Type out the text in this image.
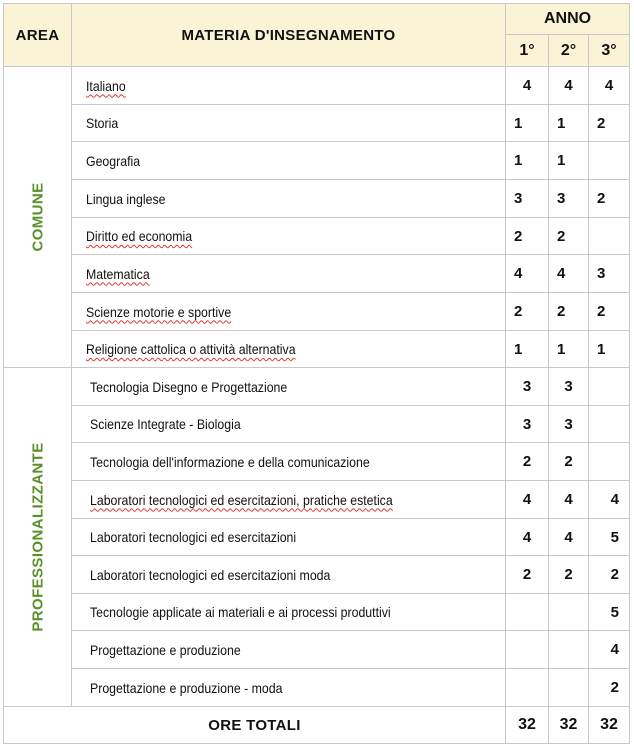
AREA	MATERIA D'INSEGNAMENTO	ANNO		
		1°	2°	3°

COMUNE	Italiano	4	4	4
	Storia	1	1	2
	Geografia	1	1	
	Lingua inglese	3	3	2
	Diritto ed economia	2	2	
	Matematica	4	4	3
	Scienze motorie e sportive	2	2	2
	Religione cattolica o attività alternativa	1	1	1

PROFESSIONALIZZANTE	Tecnologia Disegno e Progettazione	3	3	
	Scienze Integrate - Biologia	3	3	
	Tecnologia dell'informazione e della comunicazione	2	2	
	Laboratori tecnologici ed esercitazioni, pratiche estetica	4	4	4
	Laboratori tecnologici ed esercitazioni	4	4	5
	Laboratori tecnologici ed esercitazioni moda	2	2	2
	Tecnologie applicate ai materiali e ai processi produttivi			5
	Progettazione e produzione			4
	Progettazione e produzione - moda			2
ORE TOTALI		32	32	32
